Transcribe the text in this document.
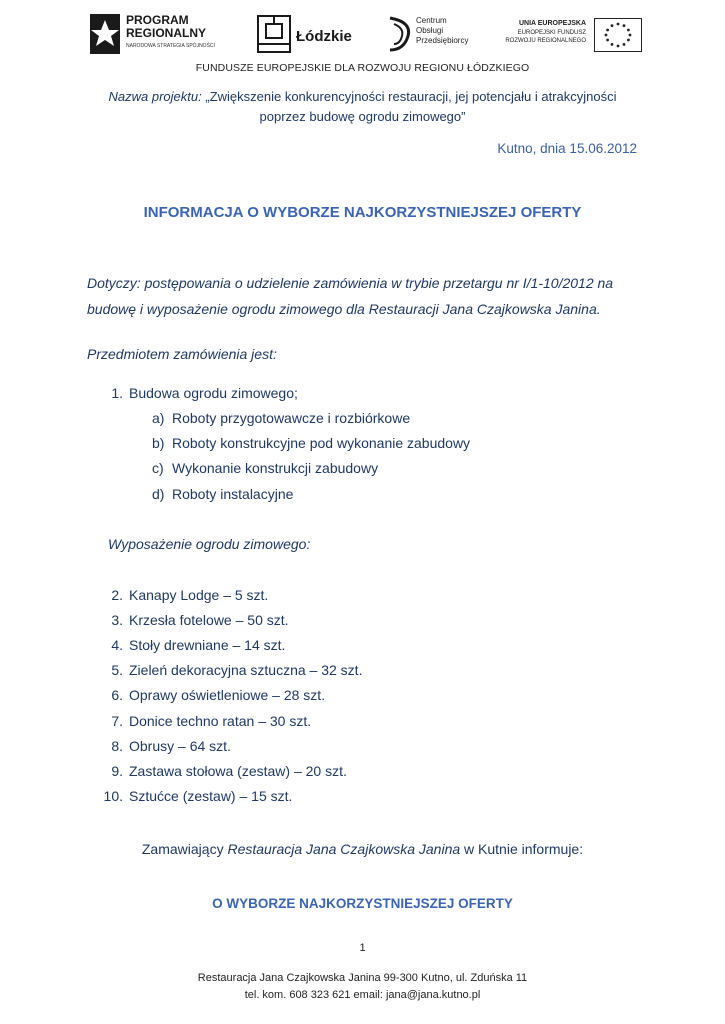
PROGRAM
REGIONALNY
NARODOWA STRATEGIA SPÓJNOŚCI
Łódzkie
Centrum
Obsługi
Przedsiębiorcy
UNIA EUROPEJSKA
EUROPEJSKI FUNDUSZ
ROZWOJU REGIONALNEGO
FUNDUSZE EUROPEJSKIE DLA ROZWOJU REGIONU ŁÓDZKIEGO
Nazwa projektu: „Zwiększenie konkurencyjności restauracji, jej potencjału i atrakcyjności
poprzez budowę ogrodu zimowego”
Kutno, dnia 15.06.2012
INFORMACJA O WYBORZE NAJKORZYSTNIEJSZEJ OFERTY
Dotyczy: postępowania o udzielenie zamówienia w trybie przetargu nr I/1-10/2012 na
budowę i wyposażenie ogrodu zimowego dla Restauracji Jana Czajkowska Janina.
Przedmiotem zamówienia jest:
1. Budowa ogrodu zimowego;
a) Roboty przygotowawcze i rozbiórkowe
b) Roboty konstrukcyjne pod wykonanie zabudowy
c) Wykonanie konstrukcji zabudowy
d) Roboty instalacyjne
Wyposażenie ogrodu zimowego:
2. Kanapy Lodge – 5 szt.
3. Krzesła fotelowe – 50 szt.
4. Stoły drewniane – 14 szt.
5. Zieleń dekoracyjna sztuczna – 32 szt.
6. Oprawy oświetleniowe – 28 szt.
7. Donice techno ratan – 30 szt.
8. Obrusy – 64 szt.
9. Zastawa stołowa (zestaw) – 20 szt.
10. Sztućce (zestaw) – 15 szt.
Zamawiający Restauracja Jana Czajkowska Janina w Kutnie informuje:
O WYBORZE NAJKORZYSTNIEJSZEJ OFERTY
1
Restauracja Jana Czajkowska Janina 99-300 Kutno, ul. Zduńska 11
tel. kom. 608 323 621 email: jana@jana.kutno.pl
